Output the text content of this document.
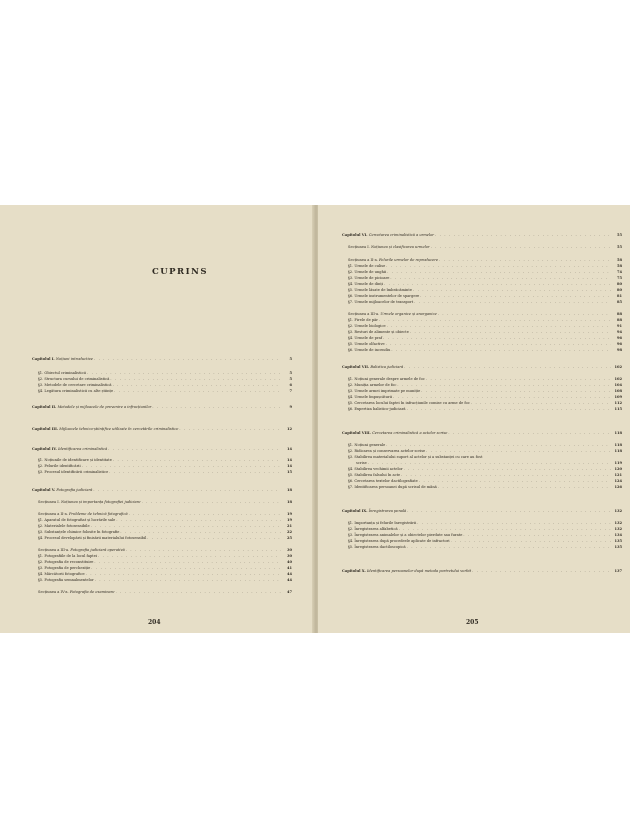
CUPRINS
Capitolul I. Noțiuni introductive . . .	5
§1. Obiectul criminalisticii . . .	5
§2. Structura cursului de criminalistică . . .	5
§3. Metodele de cercetare criminalistică . . .	6
§4. Legătura criminalisticii cu alte științe . . .	7
Capitolul II. Metodele și mijloacele de prevenire a infracțiunilor . . .	9
Capitolul III. Mijloacele tehnico-științifice utilizate în cercetările criminalistice . . .	12
Capitolul IV. Identificarea criminalistică . . .	14
§1. Noțiunile de identificare și identitate . . .	14
§2. Felurile identificării . . .	14
§3. Procesul identificării criminalistice . . .	15
Capitolul V. Fotografia judiciară . . .	18
Secțiunea I. Noțiunea și importanța fotografiei judiciare . . .	18
Secțiunea a II-a. Probleme de tehnică fotografică . . .	19
§1. Aparatul de fotografiat și lucrările sale . . .	19
§2. Materialele fotosensibile . . .	21
§3. Substanțele chimice folosite în fotografie . . .	22
§4. Procesul developării și finisării materialului fotosensibil . . .	25
Secțiunea a III-a. Fotografia judiciară operativă . . .	30
§1. Fotografiile de la locul faptei . . .	30
§2. Fotografia de reconstituire . . .	40
§3. Fotografia de percheziție . . .	41
§4. Mărcătorii fotografice . . .	44
§5. Fotografia semnalmentelor . . .	44
Secțiunea a IV-a. Fotografia de examinare . . .	47
204
Capitolul VI. Cercetarea criminalistică a urmelor . . .	55
Secțiunea I. Noțiunea și clasificarea urmelor . . .	55
Secțiunea a II-a. Felurile urmelor de reproducere . . .	58
§1. Urmele de culise . . .	58
§2. Urmele de unghii . . .	74
§3. Urmele de picioare . . .	75
§4. Urmele de dinți . . .	80
§5. Urmele lăsate de îmbrăcăminte . . .	80
§6. Urmele instrumentelor de spargere . . .	81
§7. Urmele mijloacelor de transport . . .	85
Secțiunea a III-a. Urmele organice și anorganice . . .	88
§1. Firele de păr . . .	88
§2. Urmele biologice . . .	91
§3. Resturi de alimente și obiecte . . .	94
§4. Urmele de praf . . .	96
§5. Urmele olfactive . . .	96
§6. Urmele de incendiu . . .	98
Capitolul VII. Balistica judiciară . . .	102
§1. Noțiuni generale despre armele de foc . . .	102
§2. Muniția armelor de foc . . .	104
§3. Urmele armei imprimate pe muniție . . .	108
§4. Urmele împușcăturii . . .	109
§5. Cercetarea locului faptei în infracțiunile comise cu arme de foc . . .	112
§6. Expertiza balistico-judiciară . . .	115
Capitolul VIII. Cercetarea criminalistică a actelor scrise . . .	118
§1. Noțiuni generale . . .	118
§2. Ridicarea și conservarea actelor scrise . . .	118
§3. Stabilirea materialului suport al actelor și a substanței cu care au fost
scrise . . .	119
§4. Stabilirea vechimii actelor . . .	120
§5. Stabilirea falsului în acte . . .	121
§6. Cercetarea textelor dactilografiate . . .	124
§7. Identificarea persoanei după scrisul de mână . . .	126
Capitolul IX. Înregistrarea penală . . .	132
§1. Importanța și felurile înregistrării . . .	132
§2. Înregistrarea alfabetică . . .	132
§3. Înregistrarea animalelor și a obiectelor pierdute sau furate . . .	134
§4. Înregistrarea după procedeele aplicate de infractori . . .	135
§5. Înregistrarea dactiloscopică . . .	135
Capitolul X. Identificarea persoanelor după metoda portretului vorbit . . .	137
205
